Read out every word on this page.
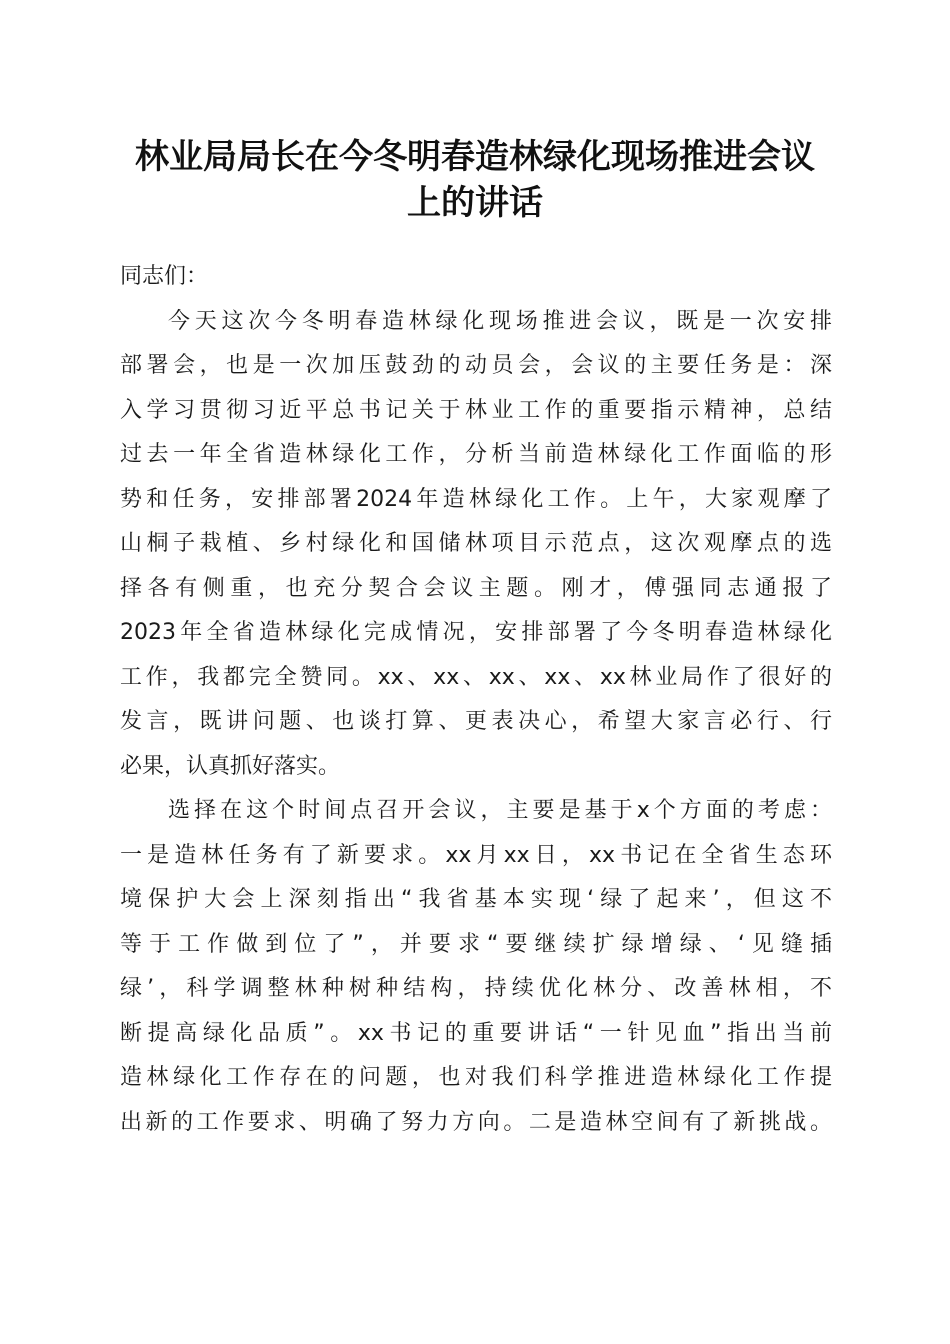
林业局局长在今冬明春造林绿化现场推进会议
上的讲话
同志们：
今天这次今冬明春造林绿化现场推进会议，既是一次安排
部署会，也是一次加压鼓劲的动员会，会议的主要任务是：深
入学习贯彻习近平总书记关于林业工作的重要指示精神，总结
过去一年全省造林绿化工作，分析当前造林绿化工作面临的形
势和任务，安排部署2024年造林绿化工作。上午，大家观摩了
山桐子栽植、乡村绿化和国储林项目示范点，这次观摩点的选
择各有侧重，也充分契合会议主题。刚才，傅强同志通报了
2023年全省造林绿化完成情况，安排部署了今冬明春造林绿化
工作，我都完全赞同。xx、xx、xx、xx、xx林业局作了很好的
发言，既讲问题、也谈打算、更表决心，希望大家言必行、行
必果，认真抓好落实。
选择在这个时间点召开会议，主要是基于x个方面的考虑：
一是造林任务有了新要求。xx月xx日，xx书记在全省生态环
境保护大会上深刻指出“我省基本实现‘绿了起来’，但这不
等于工作做到位了”，并要求“要继续扩绿增绿、‘见缝插
绿’，科学调整林种树种结构，持续优化林分、改善林相，不
断提高绿化品质”。xx书记的重要讲话“一针见血”指出当前
造林绿化工作存在的问题，也对我们科学推进造林绿化工作提
出新的工作要求、明确了努力方向。二是造林空间有了新挑战。
